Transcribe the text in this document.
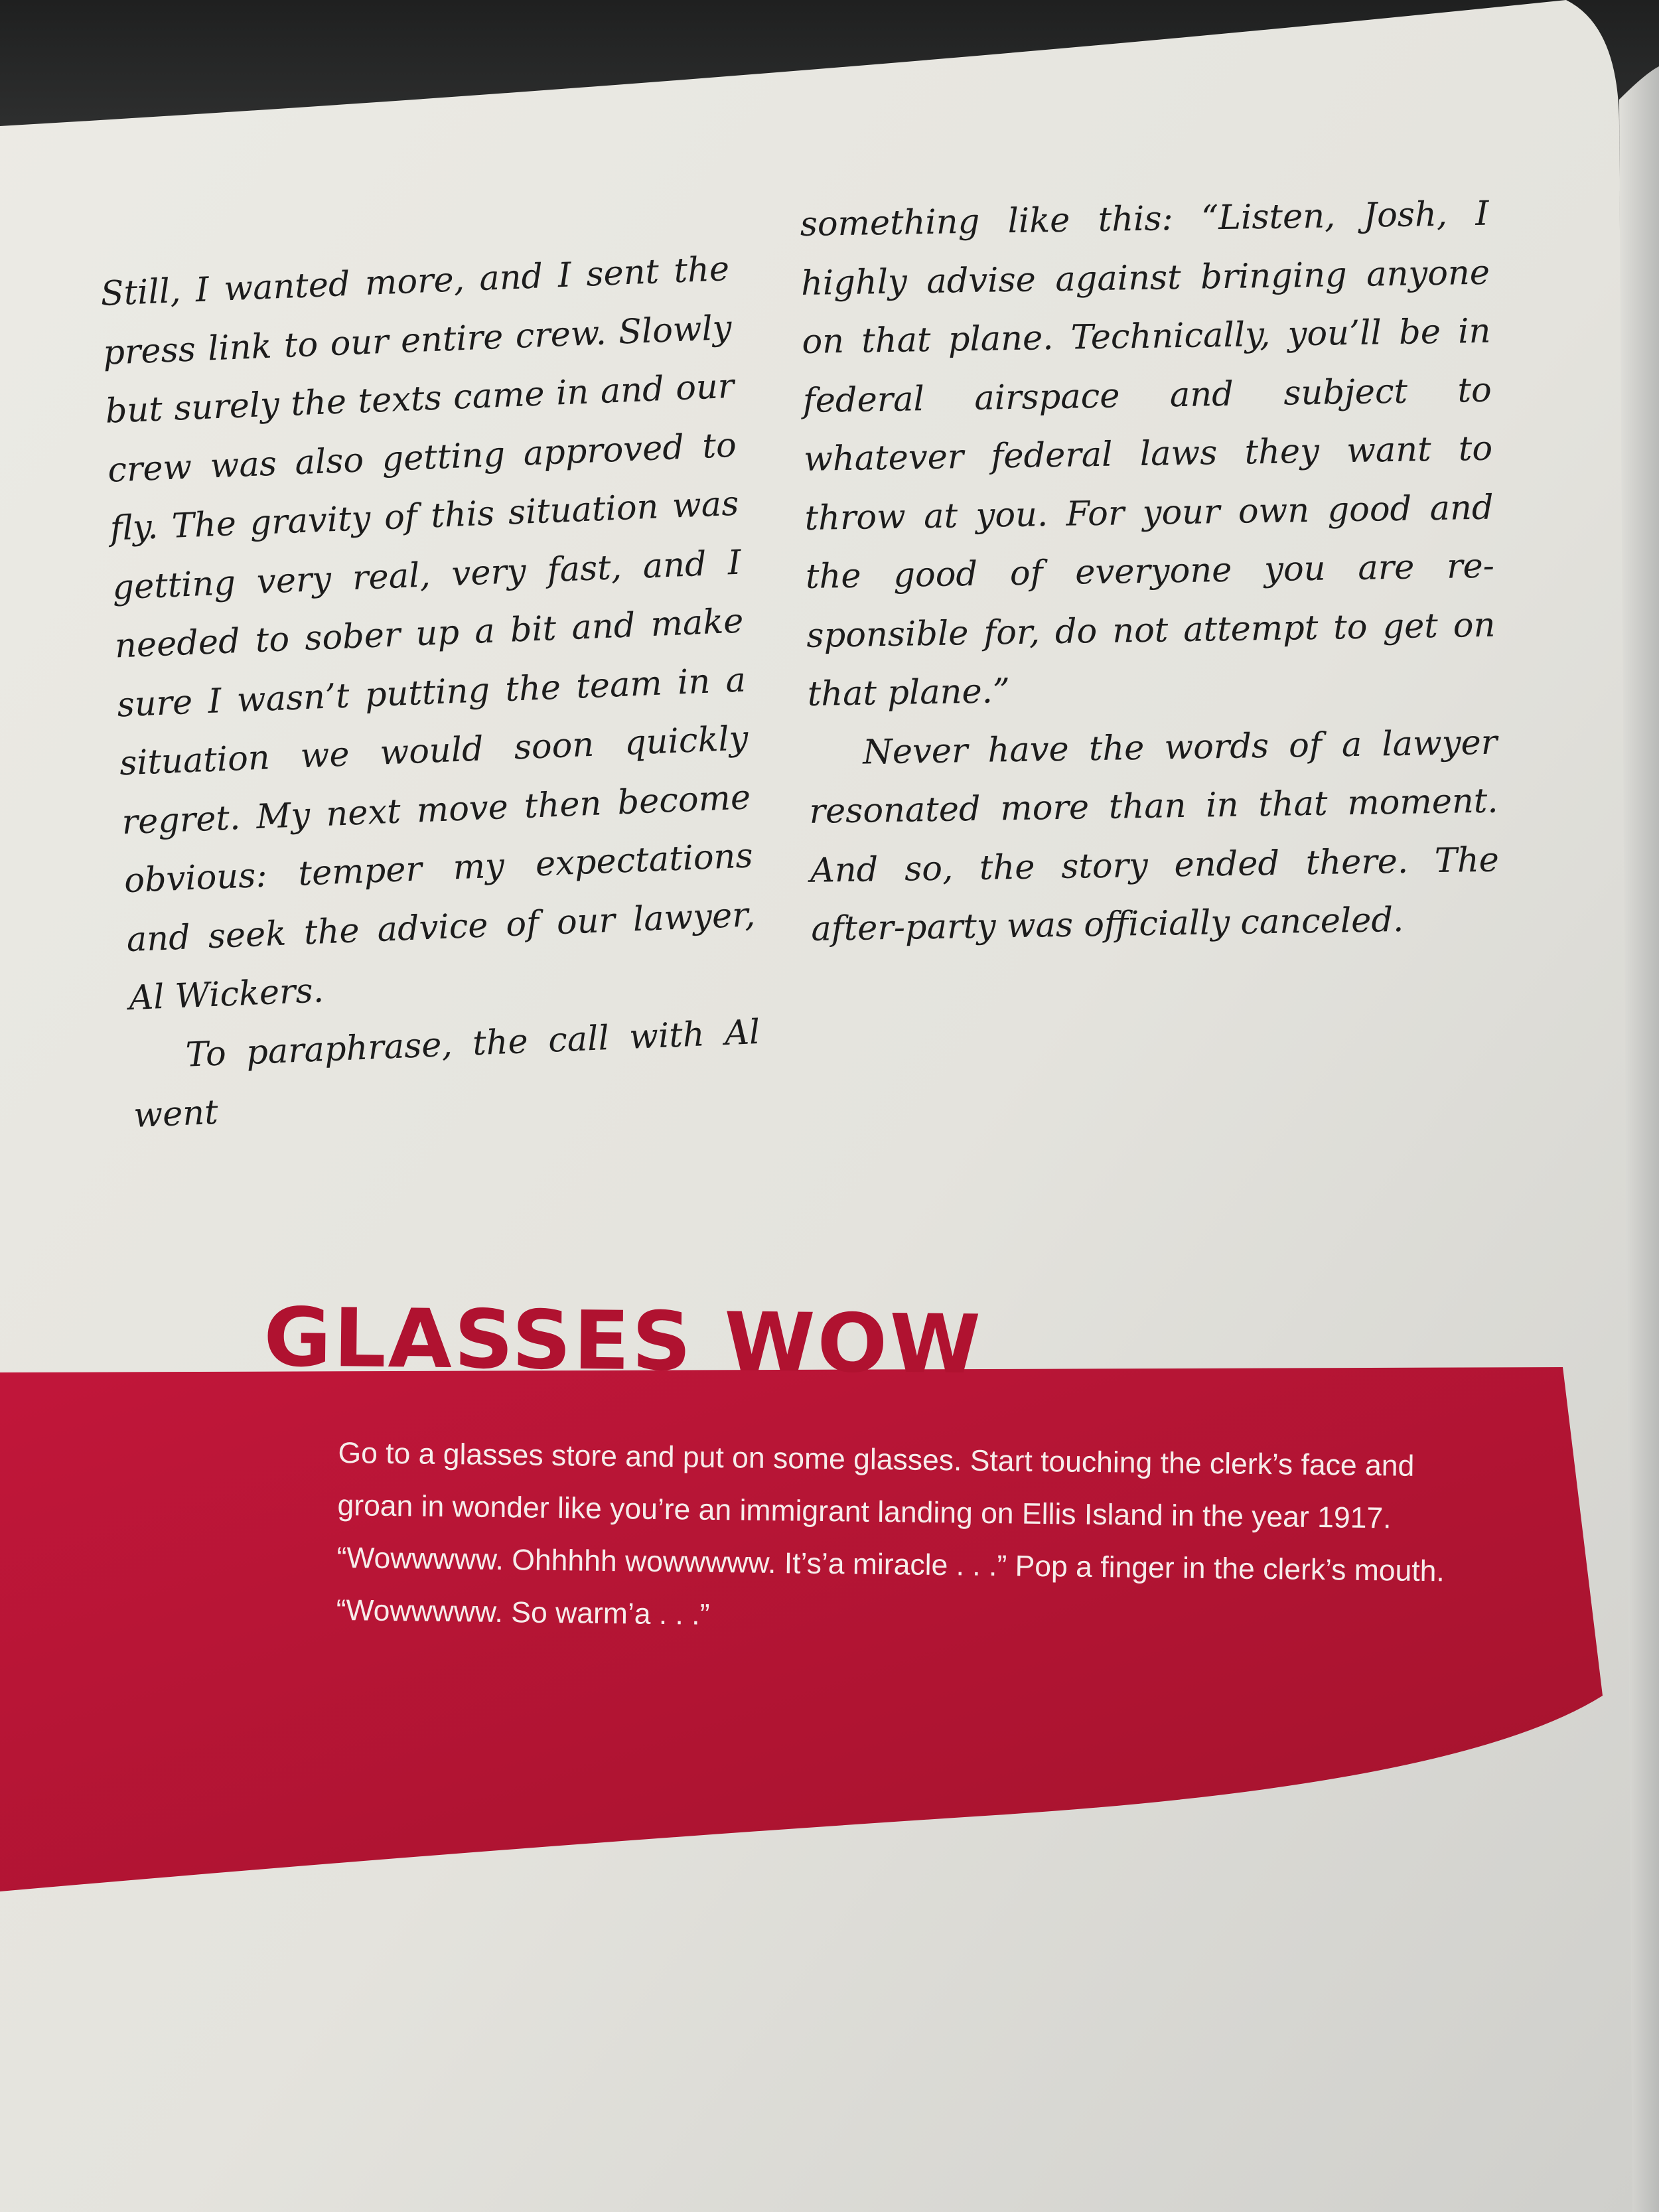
Still, I wanted more, and I sent the press link to our entire crew. Slowly but surely the texts came in and our crew was also getting approved to fly. The gravity of this situation was getting very real, very fast, and I needed to sober up a bit and make sure I wasn’t putting the team in a situation we would soon quickly regret. My next move then become obvious: temper my expectations and seek the advice of our lawyer, Al Wickers.

To paraphrase, the call with Al went

something like this: “Listen, Josh, I highly advise against bringing anyone on that plane. Technically, you’ll be in federal airspace and subject to whatever federal laws they want to throw at you. For your own good and the good of everyone you are responsible for, do not attempt to get on that plane.”

Never have the words of a lawyer resonated more than in that moment. And so, the story ended there. The after-party was officially canceled.

GLASSES WOW
Go to a glasses store and put on some glasses. Start touching the clerk’s face and groan in wonder like you’re an immigrant landing on Ellis Island in the year 1917. “Wowwwww. Ohhhhh wowwwww. It’s’a miracle . . .” Pop a finger in the clerk’s mouth. “Wowwwww. So warm’a . . .”
